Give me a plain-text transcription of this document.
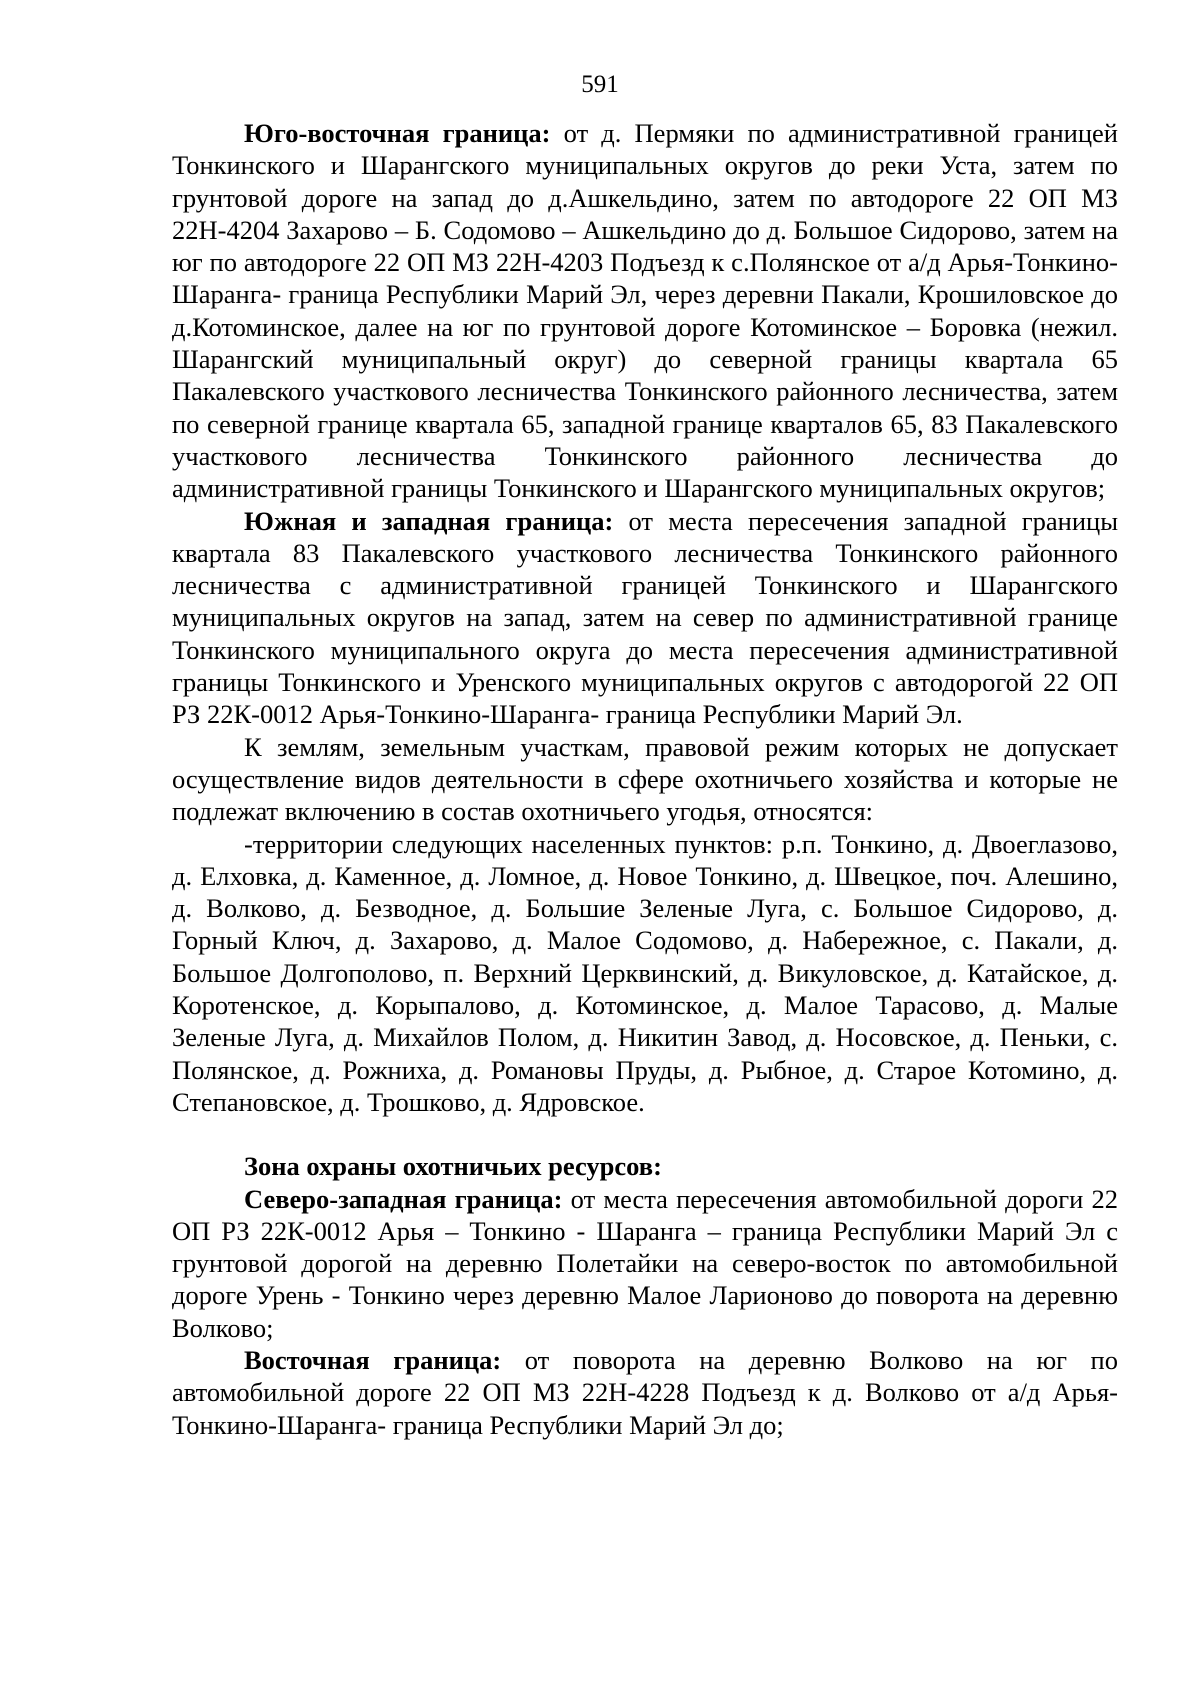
591

Юго-восточная граница: от д. Пермяки по административной границей Тонкинского и Шарангского муниципальных округов до реки Уста, затем по грунтовой дороге на запад до д.Ашкельдино, затем по автодороге 22 ОП МЗ 22Н-4204 Захарово – Б. Содомово – Ашкельдино до д. Большое Сидорово, затем на юг по автодороге 22 ОП МЗ 22Н-4203 Подъезд к с.Полянское от а/д Арья-Тонкино-Шаранга- граница Республики Марий Эл, через деревни Пакали, Крошиловское до д.Котоминское, далее на юг по грунтовой дороге Котоминское – Боровка (нежил. Шарангский муниципальный округ) до северной границы квартала 65 Пакалевского участкового лесничества Тонкинского районного лесничества, затем по северной границе квартала 65, западной границе кварталов 65, 83 Пакалевского участкового лесничества Тонкинского районного лесничества до административной границы Тонкинского и Шарангского муниципальных округов;

Южная и западная граница: от места пересечения западной границы квартала 83 Пакалевского участкового лесничества Тонкинского районного лесничества с административной границей Тонкинского и Шарангского муниципальных округов на запад, затем на север по административной границе Тонкинского муниципального округа до места пересечения административной границы Тонкинского и Уренского муниципальных округов с автодорогой 22 ОП РЗ 22К-0012 Арья-Тонкино-Шаранга- граница Республики Марий Эл.

К землям, земельным участкам, правовой режим которых не допускает осуществление видов деятельности в сфере охотничьего хозяйства и которые не подлежат включению в состав охотничьего угодья, относятся:

-территории следующих населенных пунктов: р.п. Тонкино, д. Двоеглазово, д. Елховка, д. Каменное, д. Ломное, д. Новое Тонкино, д. Швецкое, поч. Алешино, д. Волково, д. Безводное, д. Большие Зеленые Луга, с. Большое Сидорово, д. Горный Ключ, д. Захарово, д. Малое Содомово, д. Набережное, с. Пакали, д. Большое Долгополово, п. Верхний Церквинский, д. Викуловское, д. Катайское, д. Коротенское, д. Корыпалово, д. Котоминское, д. Малое Тарасово, д. Малые Зеленые Луга, д. Михайлов Полом, д. Никитин Завод, д. Носовское, д. Пеньки, с. Полянское, д. Рожниха, д. Романовы Пруды, д. Рыбное, д. Старое Котомино, д. Степановское, д. Трошково, д. Ядровское.

Зона охраны охотничьих ресурсов:

Северо-западная граница: от места пересечения автомобильной дороги 22 ОП РЗ 22К-0012 Арья – Тонкино - Шаранга – граница Республики Марий Эл с грунтовой дорогой на деревню Полетайки на северо-восток по автомобильной дороге Урень - Тонкино через деревню Малое Ларионово до поворота на деревню Волково;

Восточная граница: от поворота на деревню Волково на юг по автомобильной дороге 22 ОП МЗ 22Н-4228 Подъезд к д. Волково от а/д Арья-Тонкино-Шаранга- граница Республики Марий Эл до;
